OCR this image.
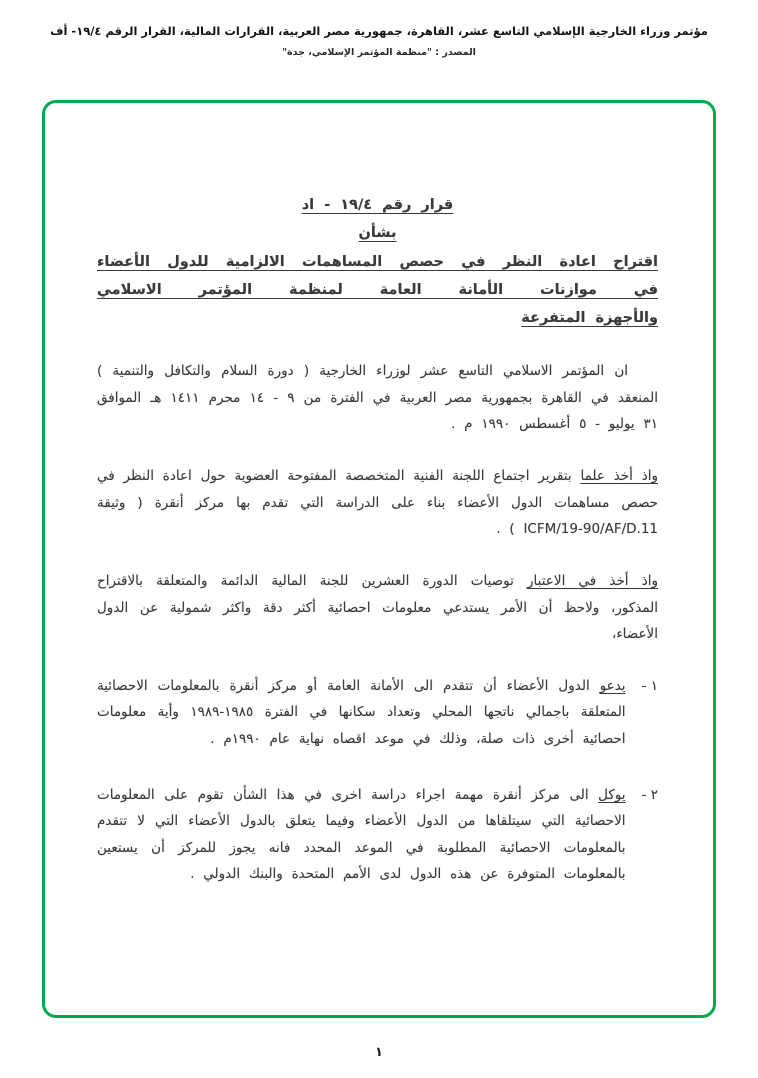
مؤتمر وزراء الخارجية الإسلامي التاسع عشر، القاهرة، جمهورية مصر العربية، القرارات المالية، القرار الرقم ١٩/٤- أف
المصدر : "منظمة المؤتمر الإسلامي، جدة"
قرار رقم ١٩/٤ - اد
بشأن
اقتراح اعادة النظر في حصص المساهمات الالزامية للدول الأعضاء
في موازنات الأمانة العامة لمنظمة المؤتمر الاسلامي
والأجهزة المتفرعة

ان المؤتمر الاسلامي التاسع عشر لوزراء الخارجية ( دورة السلام والتكافل والتنمية ) المنعقد في القاهرة بجمهورية مصر العربية في الفترة من ٩ - ١٤ محرم ١٤١١ هـ الموافق ٣١ يوليو - ٥ أغسطس ١٩٩٠ م .

واذ أخذ علما بتقرير اجتماع اللجنة الفنية المتخصصة المفتوحة العضوية حول اعادة النظر في حصص مساهمات الدول الأعضاء بناء على الدراسة التي تقدم بها مركز أنقرة ( وثيقة ICFM/19-90/AF/D.11 ) .

واذ أخذ في الاعتبار توصيات الدورة العشرين للجنة المالية الدائمة والمتعلقة بالاقتراح المذكور، ولاحظ أن الأمر يستدعي معلومات احصائية أكثر دقة واكثر شمولية عن الدول الأعضاء،

١ -
يدعو الدول الأعضاء أن تتقدم الى الأمانة العامة أو مركز أنقرة بالمعلومات الاحصائية المتعلقة باجمالي ناتجها المحلي وتعداد سكانها في الفترة ١٩٨٥-١٩٨٩ وأية معلومات احصائية أخرى ذات صلة، وذلك في موعد اقصاه نهاية عام ١٩٩٠م .
٢ -
يوكل الى مركز أنقرة مهمة اجراء دراسة اخرى في هذا الشأن تقوم على المعلومات الاحصائية التي سيتلقاها من الدول الأعضاء وفيما يتعلق بالدول الأعضاء التي لا تتقدم بالمعلومات الاحصائية المطلوبة في الموعد المحدد فانه يجوز للمركز أن يستعين بالمعلومات المتوفرة عن هذه الدول لدى الأمم المتحدة والبنك الدولي .
١
